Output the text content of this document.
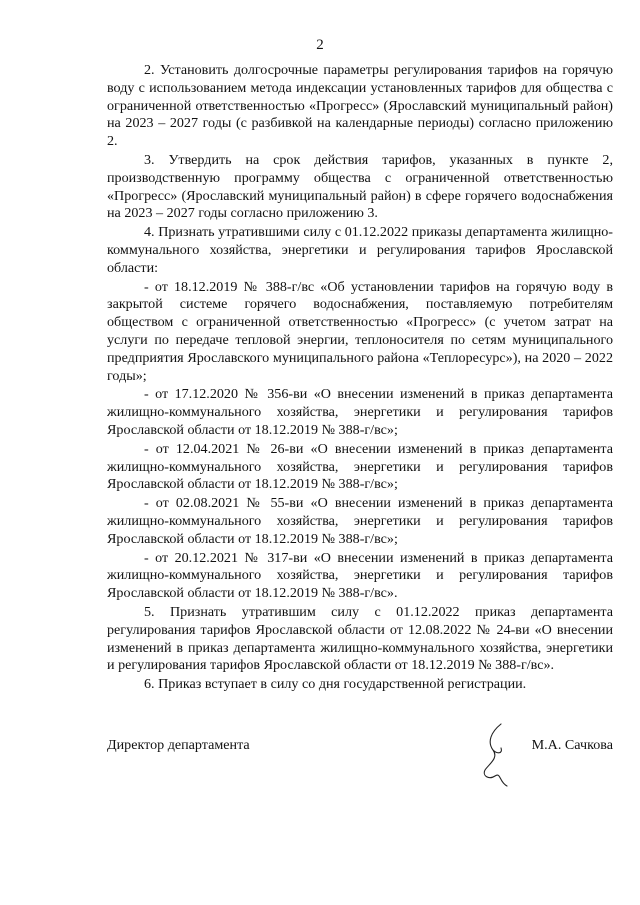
2

2. Установить долгосрочные параметры регулирования тарифов на горячую воду с использованием метода индексации установленных тарифов для общества с ограниченной ответственностью «Прогресс» (Ярославский муниципальный район) на 2023 – 2027 годы (с разбивкой на календарные периоды) согласно приложению 2.

3. Утвердить на срок действия тарифов, указанных в пункте 2, производственную программу общества с ограниченной ответственностью «Прогресс» (Ярославский муниципальный район) в сфере горячего водоснабжения на 2023 – 2027 годы согласно приложению 3.

4. Признать утратившими силу с 01.12.2022 приказы департамента жилищно-коммунального хозяйства, энергетики и регулирования тарифов Ярославской области:

- от 18.12.2019 № 388-г/вс «Об установлении тарифов на горячую воду в закрытой системе горячего водоснабжения, поставляемую потребителям обществом с ограниченной ответственностью «Прогресс» (с учетом затрат на услуги по передаче тепловой энергии, теплоносителя по сетям муниципального предприятия Ярославского муниципального района «Теплоресурс»), на 2020 – 2022 годы»;

- от 17.12.2020 № 356-ви «О внесении изменений в приказ департамента жилищно-коммунального хозяйства, энергетики и регулирования тарифов Ярославской области от 18.12.2019 № 388-г/вс»;

- от 12.04.2021 № 26-ви «О внесении изменений в приказ департамента жилищно-коммунального хозяйства, энергетики и регулирования тарифов Ярославской области от 18.12.2019 № 388-г/вс»;

- от 02.08.2021 № 55-ви «О внесении изменений в приказ департамента жилищно-коммунального хозяйства, энергетики и регулирования тарифов Ярославской области от 18.12.2019 № 388-г/вс»;

- от 20.12.2021 № 317-ви «О внесении изменений в приказ департамента жилищно-коммунального хозяйства, энергетики и регулирования тарифов Ярославской области от 18.12.2019 № 388-г/вс».

5. Признать утратившим силу с 01.12.2022 приказ департамента регулирования тарифов Ярославской области от 12.08.2022 № 24-ви «О внесении изменений в приказ департамента жилищно-коммунального хозяйства, энергетики и регулирования тарифов Ярославской области от 18.12.2019 № 388-г/вс».

6. Приказ вступает в силу со дня государственной регистрации.

Директор департамента	М.А. Сачкова
